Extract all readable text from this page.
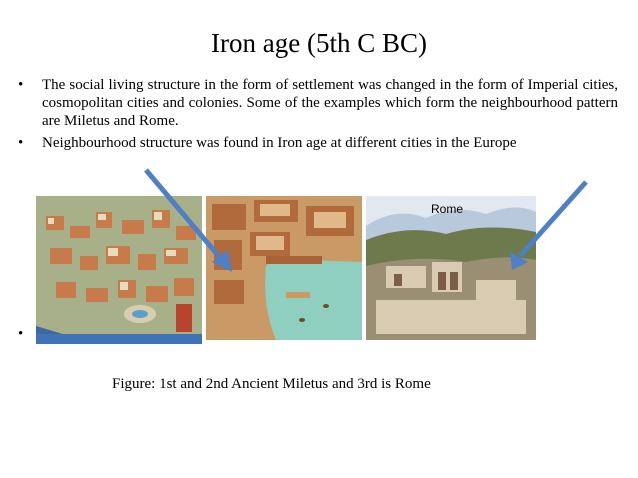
Iron age (5th C BC)
• The social living structure in the form of settlement was changed in the form of Imperial cities, cosmopolitan cities and colonies. Some of the examples which form the neighbourhood pattern are Miletus and Rome.
• Neighbourhood structure was found in Iron age at different cities in the Europe
Rome
•
Figure: 1st and 2nd Ancient Miletus and 3rd is Rome
